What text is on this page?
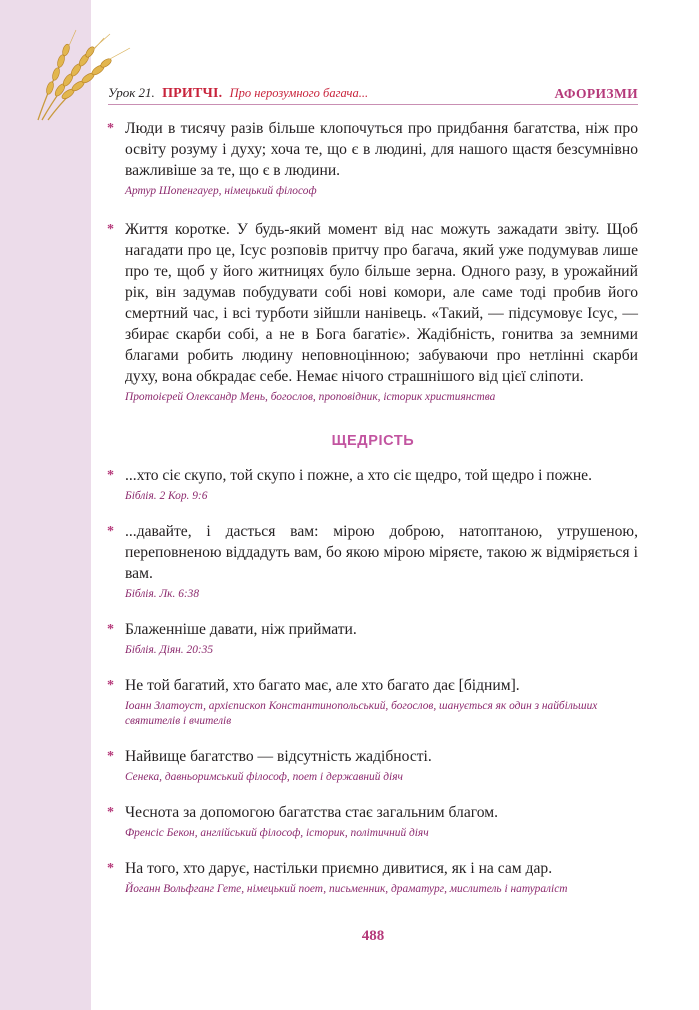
Урок 21. ПРИТЧІ. Про нерозумного багача...	АФОРИЗМИ
* Люди в тисячу разів більше клопочуться про придбання багатства, ніж про освіту розуму і духу; хоча те, що є в людині, для нашого щастя безсумнівно важливіше за те, що є в людини.
Артур Шопенгауер, німецький філософ
* Життя коротке. У будь-який момент від нас можуть зажадати звіту. Щоб нагадати про це, Ісус розповів притчу про багача, який уже подумував лише про те, щоб у його житницях було більше зерна. Одного разу, в урожайний рік, він задумав побудувати собі нові комори, але саме тоді пробив його смертний час, і всі турботи зійшли нанівець. «Такий, — підсумовує Ісус, — збирає скарби собі, а не в Бога багатіє». Жадібність, гонитва за земними благами робить людину неповноцінною; забуваючи про нетлінні скарби духу, вона обкрадає себе. Немає нічого страшнішого від цієї сліпоти.
Протоієрей Олександр Мень, богослов, проповідник, історик християнства
ЩЕДРІСТЬ
* ...хто сіє скупо, той скупо і пожне, а хто сіє щедро, той щедро і пожне.
Біблія. 2 Кор. 9:6
* ...давайте, і дасться вам: мірою доброю, натоптаною, утрушеною, переповненою віддадуть вам, бо якою мірою міряєте, такою ж відміряється і вам.
Біблія. Лк. 6:38
* Блаженніше давати, ніж приймати.
Біблія. Діян. 20:35
* Не той багатий, хто багато має, але хто багато дає [бідним].
Іоанн Златоуст, архієпископ Константинопольський, богослов, шанується як один з найбільших святителів і вчителів
* Найвище багатство — відсутність жадібності.
Сенека, давньоримський філософ, поет і державний діяч
* Чеснота за допомогою багатства стає загальним благом.
Френсіс Бекон, англійський філософ, історик, політичний діяч
* На того, хто дарує, настільки приємно дивитися, як і на сам дар.
Йоганн Вольфганг Гете, німецький поет, письменник, драматург, мислитель і натураліст
488
